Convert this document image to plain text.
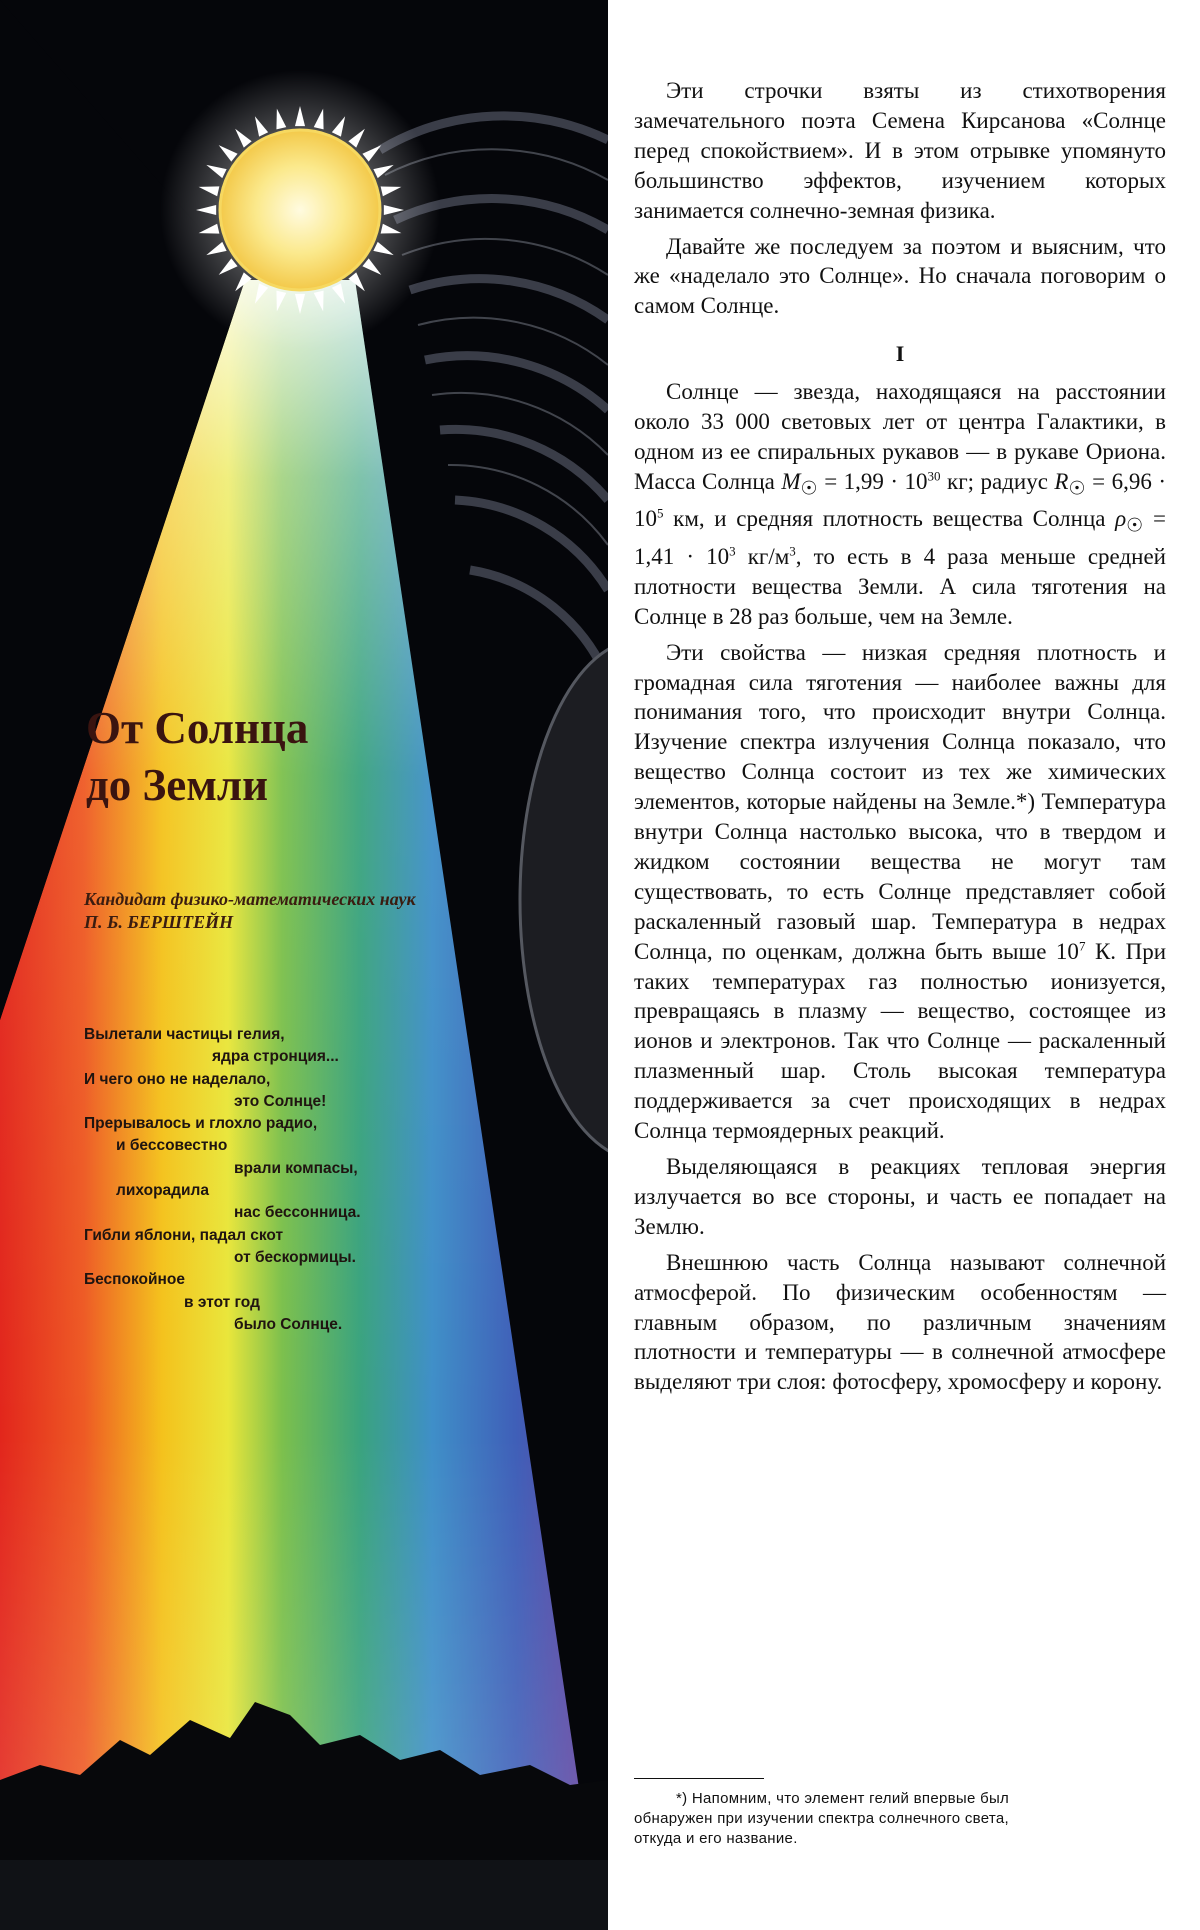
От Солнца
до Земли
Кандидат физико-математических наук
П. Б. БЕРШТЕЙН
Вылетали частицы гелия,
ядра стронция...
И чего оно не наделало,
это Солнце!
Прерывалось и глохло радио,
и бессовестно
врали компасы,
лихорадила
нас бессонница.
Гибли яблони, падал скот
от бескормицы.
Беспокойное
в этот год
было Солнце.

Эти строчки взяты из стихотворения замечательного поэта Семена Кирсанова «Солнце перед спокойствием». И в этом отрывке упомянуто большинство эффектов, изучением которых занимается солнечно-земная физика.

Давайте же последуем за поэтом и выясним, что же «наделало это Солнце». Но сначала поговорим о самом Солнце.

I

Солнце — звезда, находящаяся на расстоянии около 33 000 световых лет от центра Галактики, в одном из ее спиральных рукавов — в рукаве Ориона. Масса Солнца $M_☉ = 1,99 \cdot 10^{30}$ кг; радиус $R_☉ = 6,96 \cdot 10^5$ км, и средняя плотность вещества Солнца $\rho_☉ = 1,41 \cdot 10^3$ $кг/м^3$, то есть в 4 раза меньше средней плотности вещества Земли. А сила тяготения на Солнце в 28 раз больше, чем на Земле.

Эти свойства — низкая средняя плотность и громадная сила тяготения — наиболее важны для понимания того, что происходит внутри Солнца. Изучение спектра излучения Солнца показало, что вещество Солнца состоит из тех же химических элементов, которые найдены на Земле.*) Температура внутри Солнца настолько высока, что в твердом и жидком состоянии вещества не могут там существовать, то есть Солнце представляет собой раскаленный газовый шар. Температура в недрах Солнца, по оценкам, должна быть выше $10^7$ К. При таких температурах газ полностью ионизуется, превращаясь в плазму — вещество, состоящее из ионов и электронов. Так что Солнце — раскаленный плазменный шар. Столь высокая температура поддерживается за счет происходящих в недрах Солнца термоядерных реакций.

Выделяющаяся в реакциях тепловая энергия излучается во все стороны, и часть ее попадает на Землю.

Внешнюю часть Солнца называют солнечной атмосферой. По физическим особенностям — главным образом, по различным значениям плотности и температуры — в солнечной атмосфере выделяют три слоя: фотосферу, хромосферу и корону.

*) Напомним, что элемент гелий впервые был
обнаружен при изучении спектра солнечного света,
откуда и его название.
